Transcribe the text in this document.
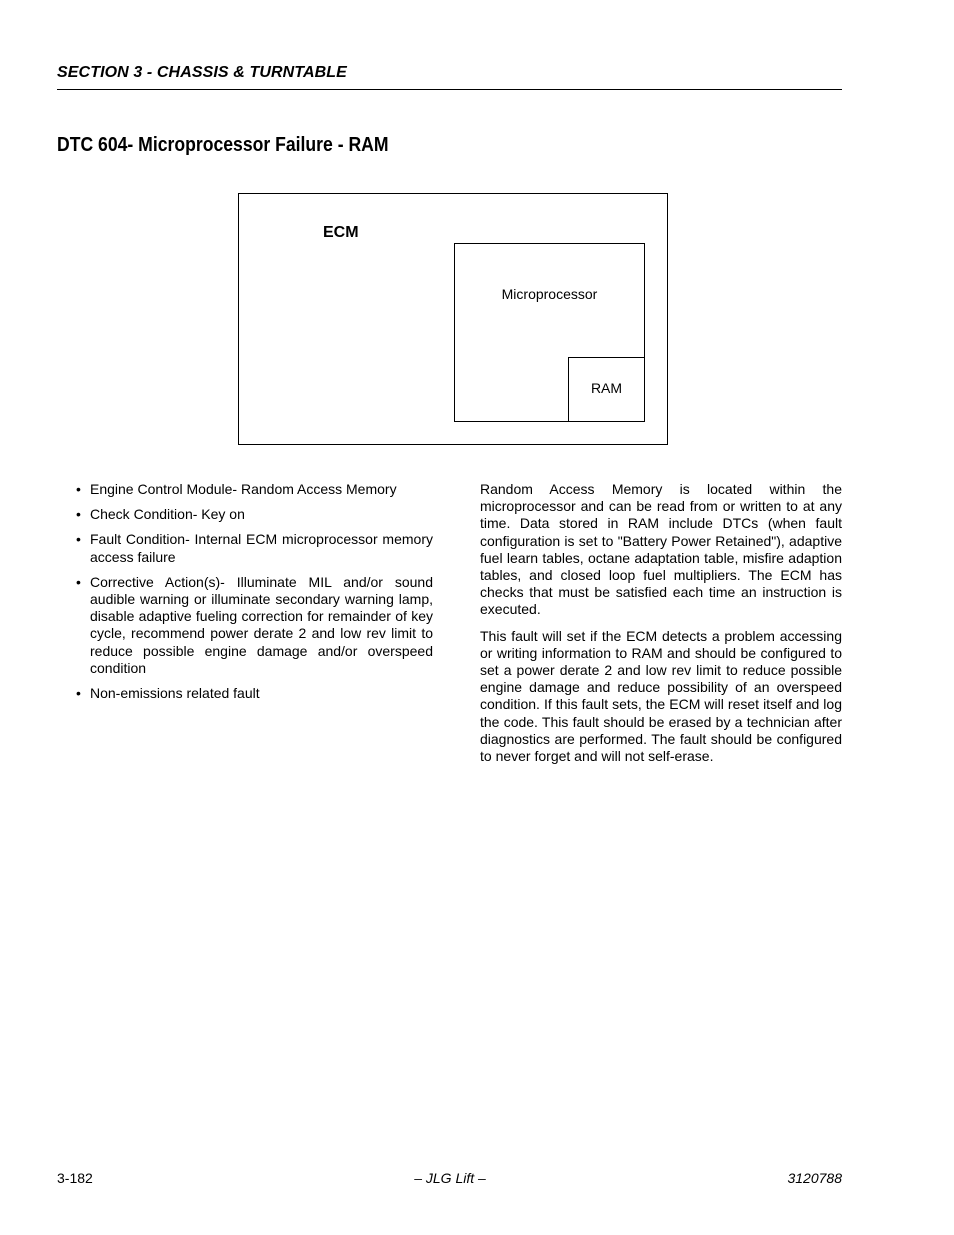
SECTION 3 - CHASSIS & TURNTABLE
DTC 604- Microprocessor Failure - RAM
ECM
Microprocessor
RAM
• Engine Control Module- Random Access Memory
• Check Condition- Key on
• Fault Condition- Internal ECM microprocessor memory access failure
• Corrective Action(s)- Illuminate MIL and/or sound audible warning or illuminate secondary warning lamp, disable adaptive fueling correction for remainder of key cycle, recommend power derate 2 and low rev limit to reduce possible engine damage and/or overspeed condition
• Non-emissions related fault

Random Access Memory is located within the microprocessor and can be read from or written to at any time. Data stored in RAM include DTCs (when fault configuration is set to "Battery Power Retained"), adaptive fuel learn tables, octane adaptation table, misfire adaption tables, and closed loop fuel multipliers. The ECM has checks that must be satisfied each time an instruction is executed.

This fault will set if the ECM detects a problem accessing or writing information to RAM and should be configured to set a power derate 2 and low rev limit to reduce possible engine damage and reduce possibility of an overspeed condition. If this fault sets, the ECM will reset itself and log the code. This fault should be erased by a technician after diagnostics are performed. The fault should be configured to never forget and will not self-erase.

3-182	– JLG Lift –	3120788
